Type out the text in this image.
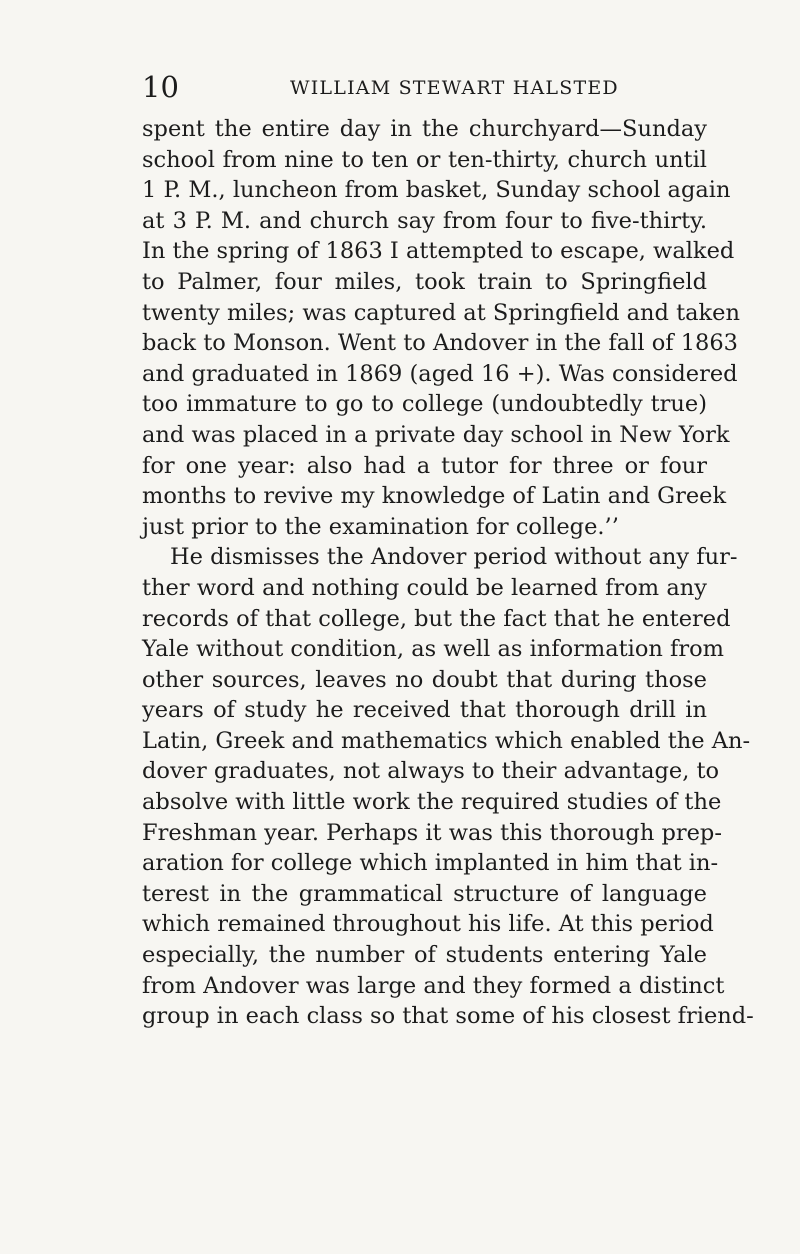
10	WILLIAM STEWART HALSTED
spent the entire day in the churchyard—Sunday
school from nine to ten or ten-thirty, church until
1 P. M., luncheon from basket, Sunday school again
at 3 P. M. and church say from four to five-thirty.
In the spring of 1863 I attempted to escape, walked
to Palmer, four miles, took train to Springfield
twenty miles; was captured at Springfield and taken
back to Monson. Went to Andover in the fall of 1863
and graduated in 1869 (aged 16 +). Was considered
too immature to go to college (undoubtedly true)
and was placed in a private day school in New York
for one year: also had a tutor for three or four
months to revive my knowledge of Latin and Greek
just prior to the examination for college.’’
He dismisses the Andover period without any fur-
ther word and nothing could be learned from any
records of that college, but the fact that he entered
Yale without condition, as well as information from
other sources, leaves no doubt that during those
years of study he received that thorough drill in
Latin, Greek and mathematics which enabled the An-
dover graduates, not always to their advantage, to
absolve with little work the required studies of the
Freshman year. Perhaps it was this thorough prep-
aration for college which implanted in him that in-
terest in the grammatical structure of language
which remained throughout his life. At this period
especially, the number of students entering Yale
from Andover was large and they formed a distinct
group in each class so that some of his closest friend-
